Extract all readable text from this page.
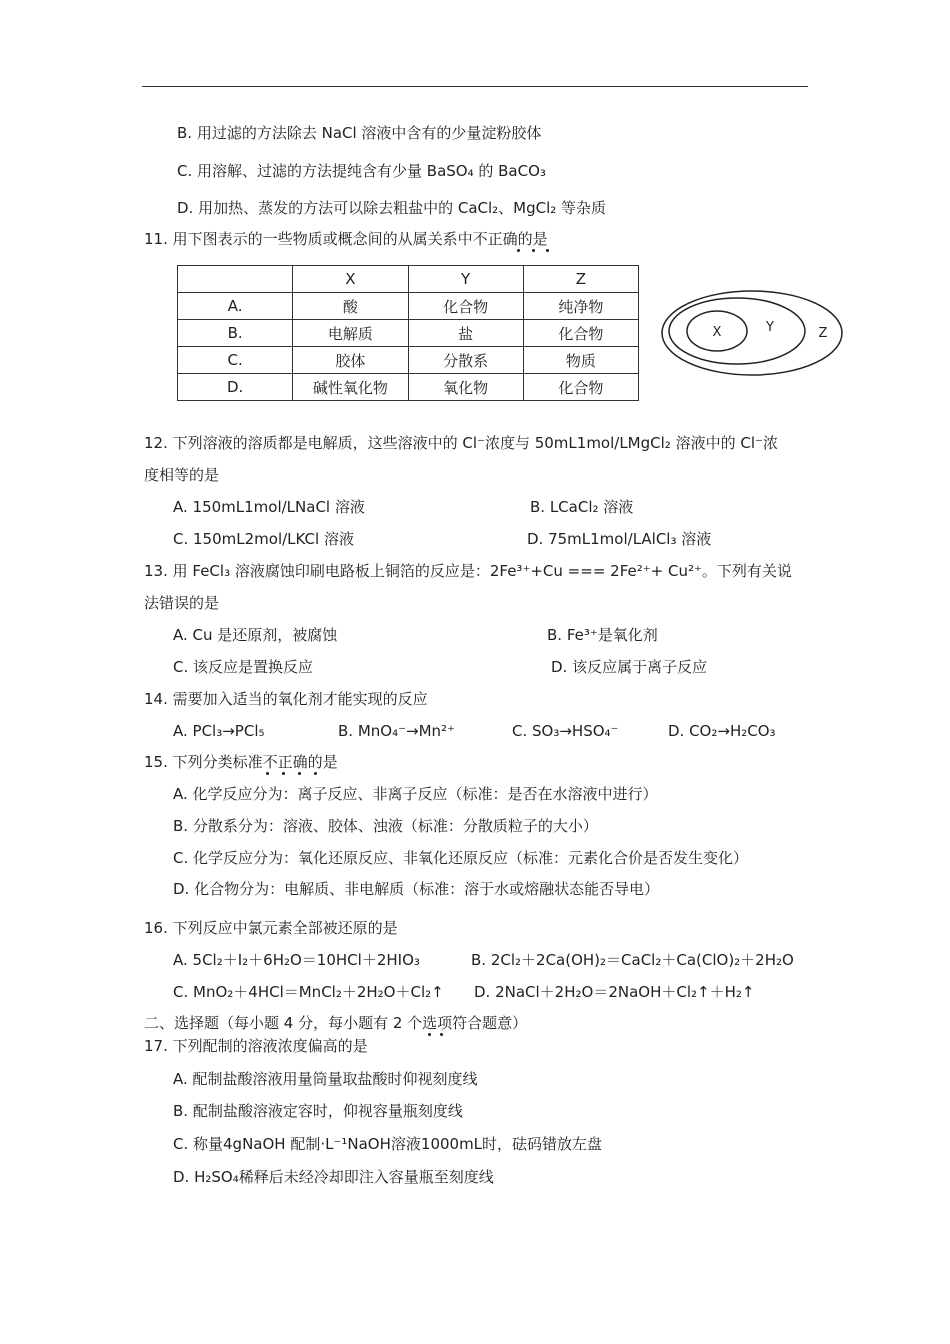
B. 用过滤的方法除去 NaCl 溶液中含有的少量淀粉胶体
C. 用溶解、过滤的方法提纯含有少量 BaSO₄ 的 BaCO₃
D. 用加热、蒸发的方法可以除去粗盐中的 CaCl₂、MgCl₂ 等杂质
11. 用下图表示的一些物质或概念间的从属关系中不正确的是
	X	Y	Z
A.	酸	化合物	纯净物
B.	电解质	盐	化合物
C.	胶体	分散系	物质
D.	碱性氧化物	氧化物	化合物
X	Y	Z
12. 下列溶液的溶质都是电解质，这些溶液中的 Cl⁻浓度与 50mL1mol/LMgCl₂ 溶液中的 Cl⁻浓
度相等的是
A. 150mL1mol/LNaCl 溶液	B. LCaCl₂ 溶液
C. 150mL2mol/LKCl 溶液	D. 75mL1mol/LAlCl₃ 溶液
13. 用 FeCl₃ 溶液腐蚀印刷电路板上铜箔的反应是：2Fe³⁺+Cu === 2Fe²⁺+ Cu²⁺。下列有关说
法错误的是
A. Cu 是还原剂，被腐蚀	B. Fe³⁺是氧化剂
C. 该反应是置换反应	D. 该反应属于离子反应
14. 需要加入适当的氧化剂才能实现的反应
A. PCl₃→PCl₅	B. MnO₄⁻→Mn²⁺	C. SO₃→HSO₄⁻	D. CO₂→H₂CO₃
15. 下列分类标准不正确的是
A. 化学反应分为：离子反应、非离子反应（标准：是否在水溶液中进行）
B. 分散系分为：溶液、胶体、浊液（标准：分散质粒子的大小）
C. 化学反应分为：氧化还原反应、非氧化还原反应（标准：元素化合价是否发生变化）
D. 化合物分为：电解质、非电解质（标准：溶于水或熔融状态能否导电）
16. 下列反应中氯元素全部被还原的是
A. 5Cl₂＋I₂＋6H₂O＝10HCl＋2HIO₃	B. 2Cl₂＋2Ca(OH)₂＝CaCl₂＋Ca(ClO)₂＋2H₂O
C. MnO₂＋4HCl＝MnCl₂＋2H₂O＋Cl₂↑ D. 2NaCl＋2H₂O＝2NaOH＋Cl₂↑＋H₂↑
二、选择题（每小题 4 分，每小题有 2 个选项符合题意）
17. 下列配制的溶液浓度偏高的是
A. 配制盐酸溶液用量筒量取盐酸时仰视刻度线
B. 配制盐酸溶液定容时，仰视容量瓶刻度线
C. 称量4gNaOH 配制·L⁻¹NaOH溶液1000mL时，砝码错放左盘
D. H₂SO₄稀释后未经冷却即注入容量瓶至刻度线
